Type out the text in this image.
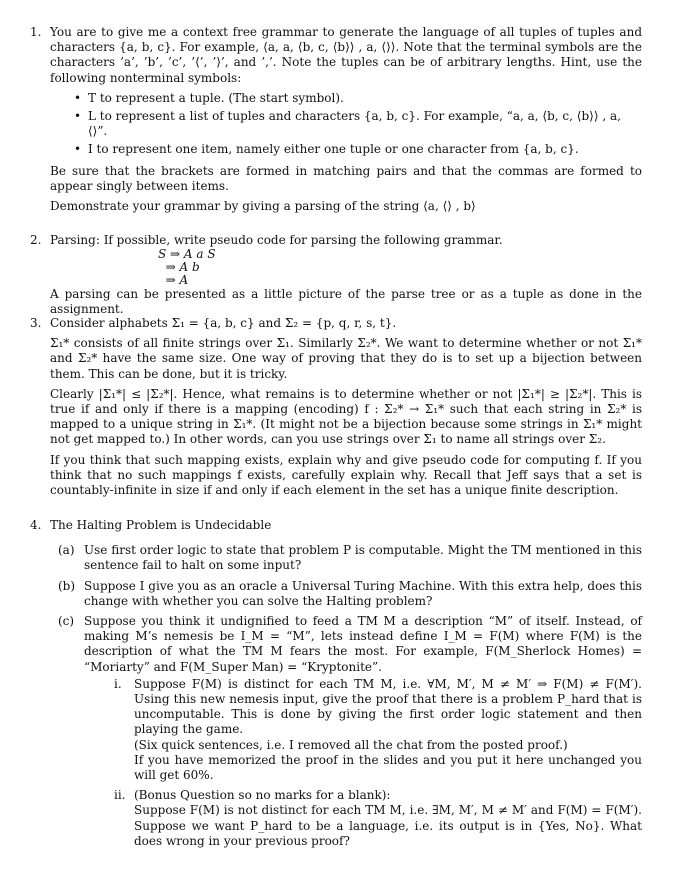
1. You are to give me a context free grammar to generate the language of all tuples of tuples and characters {a, b, c}. For example, ⟨a, a, ⟨b, c, ⟨b⟩⟩ , a, ⟨⟩⟩. Note that the terminal symbols are the characters ’a’, ’b’, ’c’, ’⟨’, ’⟩’, and ’,’. Note the tuples can be of arbitrary lengths. Hint, use the following nonterminal symbols:

• T to represent a tuple. (The start symbol).
• L to represent a list of tuples and characters {a, b, c}. For example, “a, a, ⟨b, c, ⟨b⟩⟩ , a, ⟨⟩”.
• I to represent one item, namely either one tuple or one character from {a, b, c}.

Be sure that the brackets are formed in matching pairs and that the commas are formed to appear singly between items.

Demonstrate your grammar by giving a parsing of the string ⟨a, ⟨⟩ , b⟩

2. Parsing: If possible, write pseudo code for parsing the following grammar.

S ⇒ A a S
⇒ A b
⇒ A

A parsing can be presented as a little picture of the parse tree or as a tuple as done in the assignment.

3. Consider alphabets Σ₁ = {a, b, c} and Σ₂ = {p, q, r, s, t}.

Σ₁* consists of all finite strings over Σ₁. Similarly Σ₂*. We want to determine whether or not Σ₁* and Σ₂* have the same size. One way of proving that they do is to set up a bijection between them. This can be done, but it is tricky.

Clearly |Σ₁*| ≤ |Σ₂*|. Hence, what remains is to determine whether or not |Σ₁*| ≥ |Σ₂*|. This is true if and only if there is a mapping (encoding) f : Σ₂* → Σ₁* such that each string in Σ₂* is mapped to a unique string in Σ₁*. (It might not be a bijection because some strings in Σ₁* might not get mapped to.) In other words, can you use strings over Σ₁ to name all strings over Σ₂.

If you think that such mapping exists, explain why and give pseudo code for computing f. If you think that no such mappings f exists, carefully explain why. Recall that Jeff says that a set is countably-infinite in size if and only if each element in the set has a unique finite description.

4. The Halting Problem is Undecidable

(a) Use first order logic to state that problem P is computable. Might the TM mentioned in this sentence fail to halt on some input?
(b) Suppose I give you as an oracle a Universal Turing Machine. With this extra help, does this change with whether you can solve the Halting problem?
(c) Suppose you think it undignified to feed a TM M a description “M” of itself. Instead, of making M’s nemesis be I_M = “M”, lets instead define I_M = F(M) where F(M) is the description of what the TM M fears the most. For example, F(M_Sherlock Homes) = “Moriarty” and F(M_Super Man) = “Kryptonite”.
i. Suppose F(M) is distinct for each TM M, i.e. ∀M, M′, M ≠ M′ ⇒ F(M) ≠ F(M′). Using this new nemesis input, give the proof that there is a problem P_hard that is uncomputable. This is done by giving the first order logic statement and then playing the game.
(Six quick sentences, i.e. I removed all the chat from the posted proof.)
If you have memorized the proof in the slides and you put it here unchanged you will get 60%.
ii. (Bonus Question so no marks for a blank):
Suppose F(M) is not distinct for each TM M, i.e. ∃M, M′, M ≠ M′ and F(M) = F(M′). Suppose we want P_hard to be a language, i.e. its output is in {Yes, No}. What does wrong in your previous proof?
